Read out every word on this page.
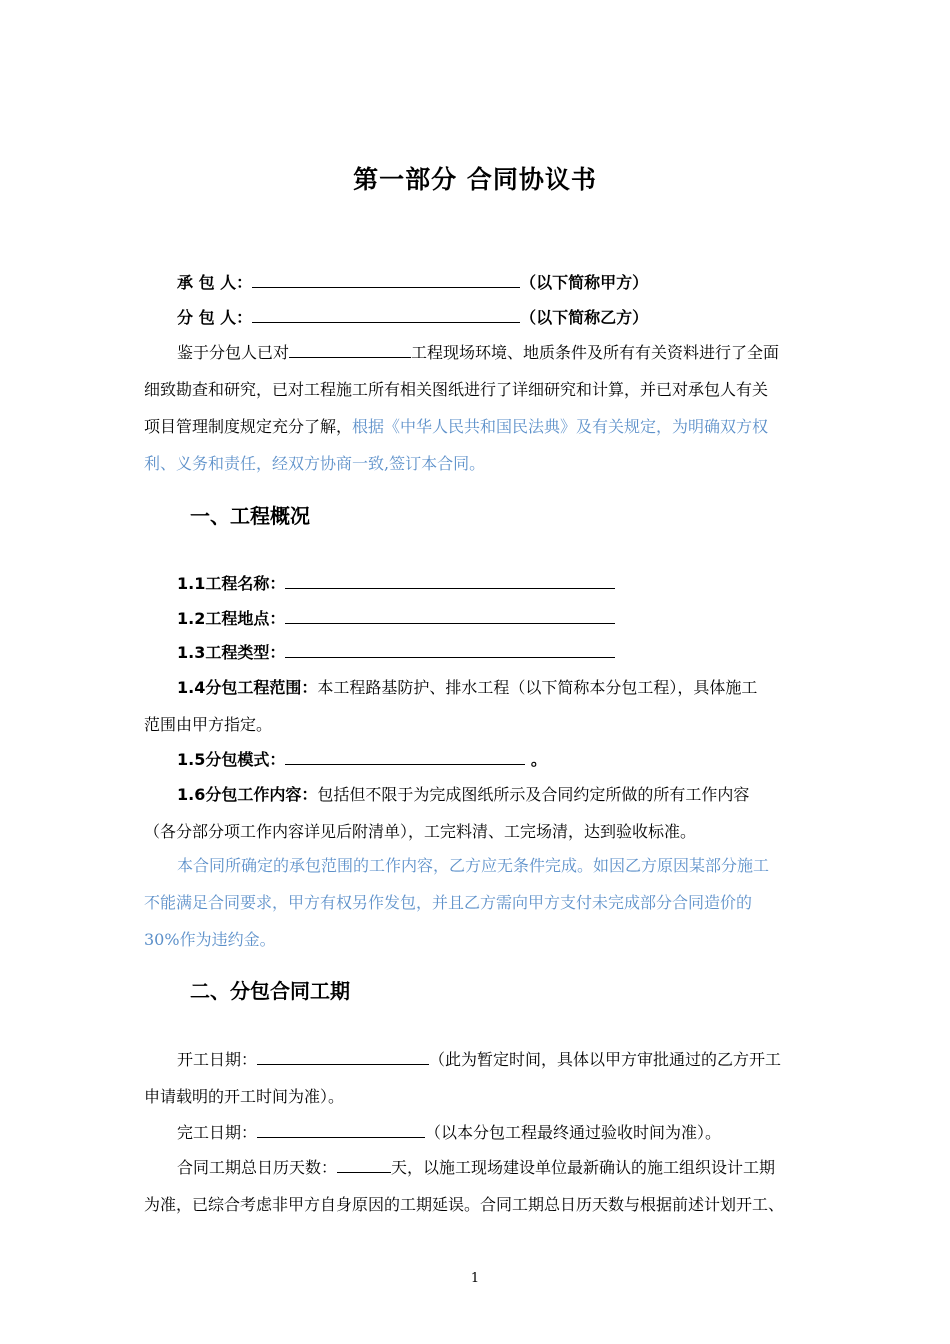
第一部分 合同协议书
承 包 人：	（以下简称甲方）
分 包 人：	（以下简称乙方）
鉴于分包人已对	工程现场环境、地质条件及所有有关资料进行了全面
细致勘查和研究，已对工程施工所有相关图纸进行了详细研究和计算，并已对承包人有关
项目管理制度规定充分了解，根据《中华人民共和国民法典》及有关规定，为明确双方权
利、义务和责任，经双方协商一致,签订本合同。
一、工程概况
1.1工程名称：
1.2工程地点：
1.3工程类型：
1.4分包工程范围：本工程路基防护、排水工程（以下简称本分包工程），具体施工
范围由甲方指定。
1.5分包模式：	。
1.6分包工作内容：包括但不限于为完成图纸所示及合同约定所做的所有工作内容
（各分部分项工作内容详见后附清单），工完料清、工完场清，达到验收标准。
本合同所确定的承包范围的工作内容，乙方应无条件完成。如因乙方原因某部分施工
不能满足合同要求，甲方有权另作发包，并且乙方需向甲方支付未完成部分合同造价的
30%作为违约金。
二、分包合同工期
开工日期：	（此为暂定时间，具体以甲方审批通过的乙方开工
申请载明的开工时间为准）。
完工日期：	（以本分包工程最终通过验收时间为准）。
合同工期总日历天数：	天，以施工现场建设单位最新确认的施工组织设计工期
为准，已综合考虑非甲方自身原因的工期延误。合同工期总日历天数与根据前述计划开工、
1
